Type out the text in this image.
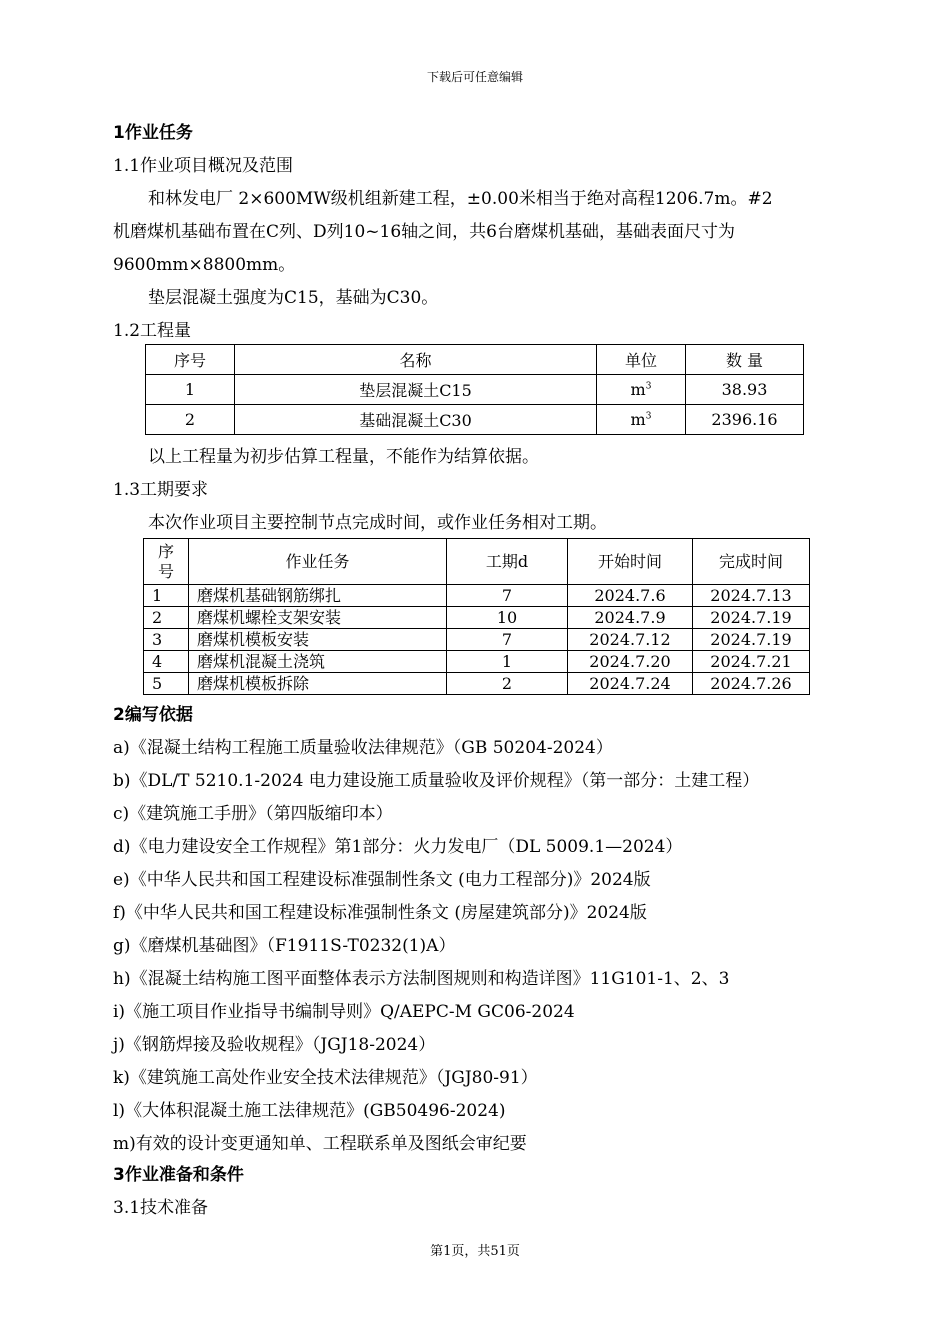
下载后可任意编辑
1作业任务
1.1作业项目概况及范围
和林发电厂 2×600MW级机组新建工程，±0.00米相当于绝对高程1206.7m。#2
机磨煤机基础布置在C列、D列10~16轴之间，共6台磨煤机基础，基础表面尺寸为
9600mm×8800mm。
垫层混凝土强度为C15，基础为C30。
1.2工程量
序号	名称	单位	数 量
1	垫层混凝土C15	$m^3$	38.93
2	基础混凝土C30	$m^3$	2396.16
以上工程量为初步估算工程量，不能作为结算依据。
1.3工期要求
本次作业项目主要控制节点完成时间，或作业任务相对工期。
序号	作业任务	工期d	开始时间	完成时间
1	磨煤机基础钢筋绑扎	7	2024.7.6	2024.7.13
2	磨煤机螺栓支架安装	10	2024.7.9	2024.7.19
3	磨煤机模板安装	7	2024.7.12	2024.7.19
4	磨煤机混凝土浇筑	1	2024.7.20	2024.7.21
5	磨煤机模板拆除	2	2024.7.24	2024.7.26
2编写依据
a)《混凝土结构工程施工质量验收法律规范》（GB 50204-2024）
b)《DL/T 5210.1-2024 电力建设施工质量验收及评价规程》（第一部分：土建工程）
c)《建筑施工手册》（第四版缩印本）
d)《电力建设安全工作规程》第1部分：火力发电厂（DL 5009.1—2024）
e)《中华人民共和国工程建设标准强制性条文 (电力工程部分)》2024版
f)《中华人民共和国工程建设标准强制性条文 (房屋建筑部分)》2024版
g)《磨煤机基础图》（F1911S-T0232(1)A）
h)《混凝土结构施工图平面整体表示方法制图规则和构造详图》11G101-1、2、3
i)《施工项目作业指导书编制导则》Q/AEPC-M GC06-2024
j)《钢筋焊接及验收规程》（JGJ18-2024）
k)《建筑施工高处作业安全技术法律规范》（JGJ80-91）
l)《大体积混凝土施工法律规范》(GB50496-2024)
m)有效的设计变更通知单、工程联系单及图纸会审纪要
3作业准备和条件
3.1技术准备
第1页，共51页
